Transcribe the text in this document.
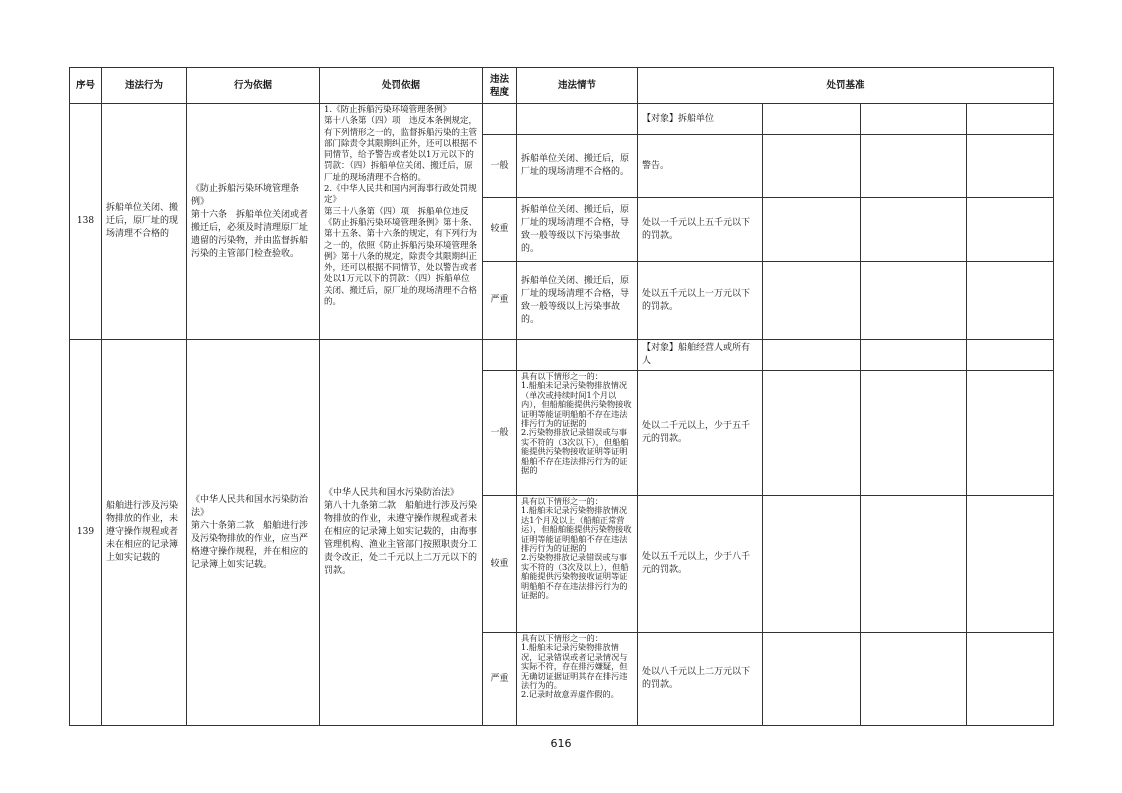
序号	违法行为	行为依据	处罚依据	违法
程度	违法情节	处罚基准			
138	拆船单位关闭、搬迁后，原厂址的现场清理不合格的	《防止拆船污染环境管理条例》
第十六条　拆船单位关闭或者搬迁后，必须及时清理原厂址遗留的污染物，并由监督拆船污染的主管部门检查验收。	1.《防止拆船污染环境管理条例》
第十八条第（四）项　违反本条例规定，有下列情形之一的，监督拆船污染的主管部门除责令其限期纠正外，还可以根据不同情节，给予警告或者处以1万元以下的罚款：（四）拆船单位关闭、搬迁后，原厂址的现场清理不合格的。
2.《中华人民共和国内河海事行政处罚规定》
第三十八条第（四）项　拆船单位违反《防止拆船污染环境管理条例》第十条、第十五条、第十六条的规定，有下列行为之一的，依照《防止拆船污染环境管理条例》第十八条的规定，除责令其限期纠正外，还可以根据不同情节，处以警告或者处以1万元以下的罚款：（四）拆船单位关闭、搬迁后，原厂址的现场清理不合格的。			【对象】拆船单位			
				一般	拆船单位关闭、搬迁后，原厂址的现场清理不合格的。	警告。			
				较重	拆船单位关闭、搬迁后，原厂址的现场清理不合格，导致一般等级以下污染事故的。	处以一千元以上五千元以下的罚款。			
				严重	拆船单位关闭、搬迁后，原厂址的现场清理不合格，导致一般等级以上污染事故的。	处以五千元以上一万元以下的罚款。			
139	船舶进行涉及污染物排放的作业，未遵守操作规程或者未在相应的记录簿上如实记载的	《中华人民共和国水污染防治法》
第六十条第二款　船舶进行涉及污染物排放的作业，应当严格遵守操作规程，并在相应的记录簿上如实记载。	《中华人民共和国水污染防治法》
第八十九条第二款　船舶进行涉及污染物排放的作业，未遵守操作规程或者未在相应的记录簿上如实记载的，由海事管理机构、渔业主管部门按照职责分工责令改正，处二千元以上二万元以下的罚款。			【对象】船舶经营人或所有人			
				一般	具有以下情形之一的：
1.船舶未记录污染物排放情况（单次或持续时间1个月以内），但船舶能提供污染物接收证明等能证明船舶不存在违法排污行为的证据的
2.污染物排放记录错误或与事实不符的（3次以下），但船舶能提供污染物接收证明等证明船舶不存在违法排污行为的证据的	处以二千元以上，少于五千元的罚款。			
				较重	具有以下情形之一的：
1.船舶未记录污染物排放情况达1个月及以上（船舶正常营运），但船舶能提供污染物接收证明等能证明船舶不存在违法排污行为的证据的
2.污染物排放记录错误或与事实不符的（3次及以上），但船舶能提供污染物接收证明等证明船舶不存在违法排污行为的证据的。	处以五千元以上，少于八千元的罚款。			
				严重	具有以下情形之一的：
1.船舶未记录污染物排放情况，记录错误或者记录情况与实际不符，存在排污嫌疑，但无确切证据证明其存在排污违法行为的。
2.记录时故意弄虚作假的。	处以八千元以上二万元以下的罚款。			
616
